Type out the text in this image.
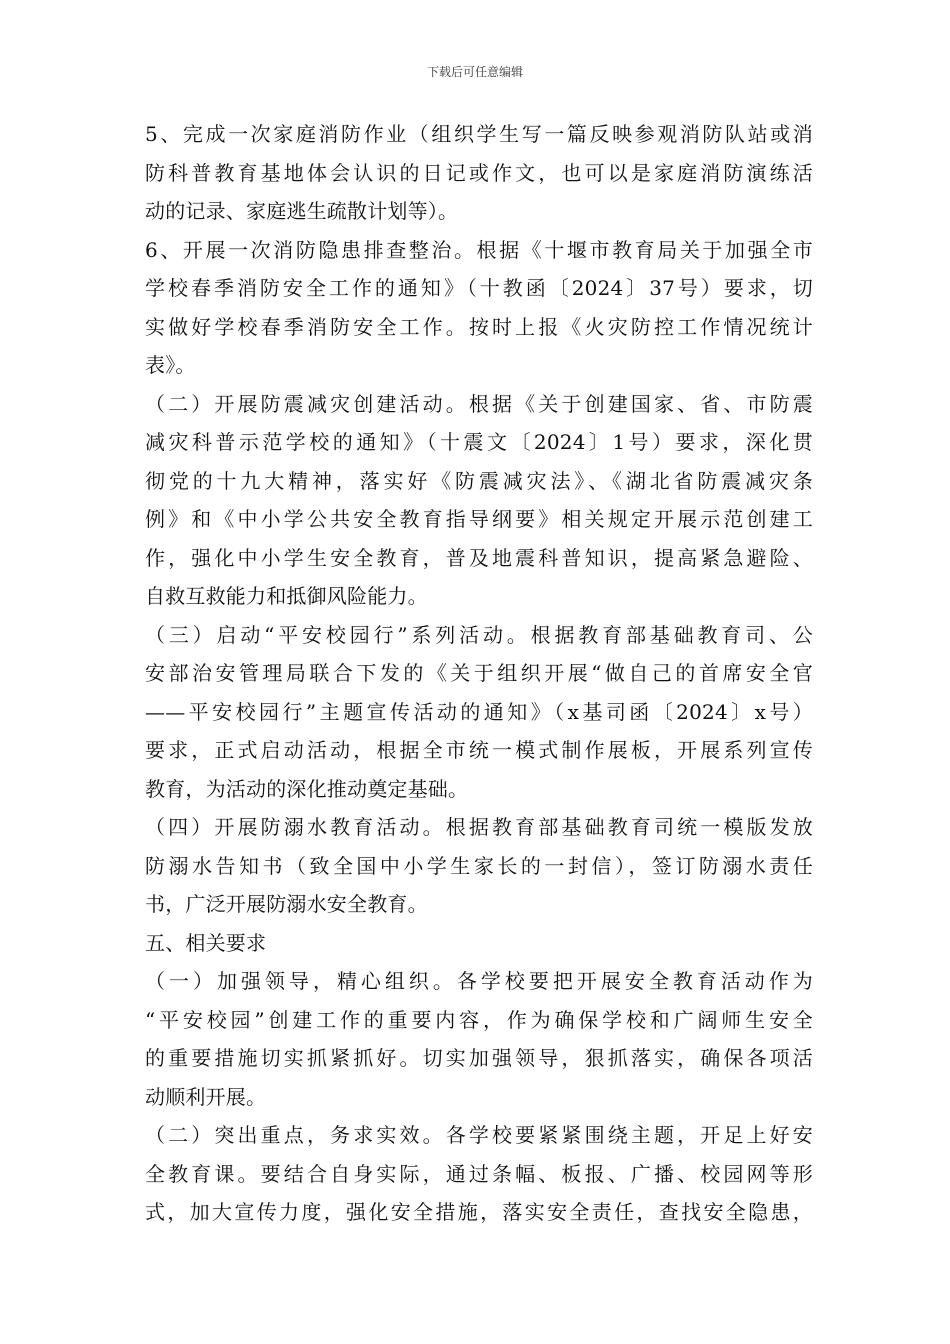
下载后可任意编辑
5、完成一次家庭消防作业（组织学生写一篇反映参观消防队站或消
防科普教育基地体会认识的日记或作文，也可以是家庭消防演练活
动的记录、家庭逃生疏散计划等）。
6、开展一次消防隐患排查整治。根据《十堰市教育局关于加强全市
学校春季消防安全工作的通知》（十教函〔2024〕37号）要求，切
实做好学校春季消防安全工作。按时上报《火灾防控工作情况统计
表》。
（二）开展防震减灾创建活动。根据《关于创建国家、省、市防震
减灾科普示范学校的通知》（十震文〔2024〕1号）要求，深化贯
彻党的十九大精神，落实好《防震减灾法》、《湖北省防震减灾条
例》和《中小学公共安全教育指导纲要》相关规定开展示范创建工
作，强化中小学生安全教育，普及地震科普知识，提高紧急避险、
自救互救能力和抵御风险能力。
（三）启动“平安校园行”系列活动。根据教育部基础教育司、公
安部治安管理局联合下发的《关于组织开展“做自己的首席安全官
——平安校园行”主题宣传活动的通知》（x基司函〔2024〕x号）
要求，正式启动活动，根据全市统一模式制作展板，开展系列宣传
教育，为活动的深化推动奠定基础。
（四）开展防溺水教育活动。根据教育部基础教育司统一模版发放
防溺水告知书（致全国中小学生家长的一封信），签订防溺水责任
书，广泛开展防溺水安全教育。
五、相关要求
（一）加强领导，精心组织。各学校要把开展安全教育活动作为
“平安校园”创建工作的重要内容，作为确保学校和广阔师生安全
的重要措施切实抓紧抓好。切实加强领导，狠抓落实，确保各项活
动顺利开展。
（二）突出重点，务求实效。各学校要紧紧围绕主题，开足上好安
全教育课。要结合自身实际，通过条幅、板报、广播、校园网等形
式，加大宣传力度，强化安全措施，落实安全责任，查找安全隐患，
